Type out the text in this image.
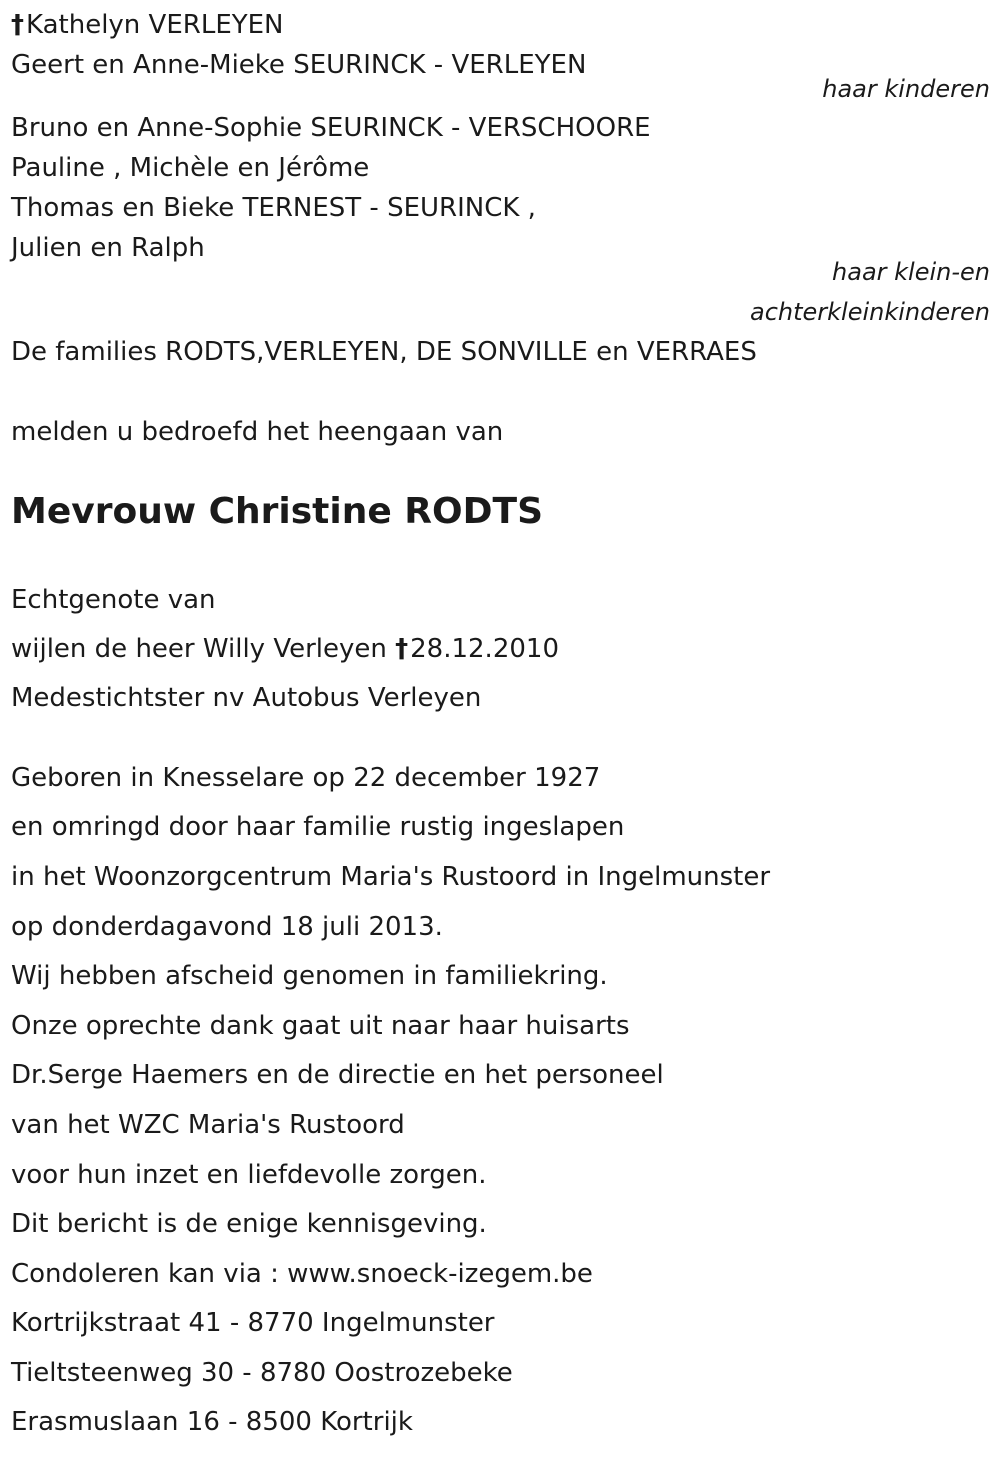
†Kathelyn VERLEYEN
Geert en Anne-Mieke SEURINCK - VERLEYEN
haar kinderen
Bruno en Anne-Sophie SEURINCK - VERSCHOORE
Pauline , Michèle en Jérôme
Thomas en Bieke TERNEST - SEURINCK ,
Julien en Ralph
haar klein-en
achterkleinkinderen
De families RODTS,VERLEYEN, DE SONVILLE en VERRAES
melden u bedroefd het heengaan van
Mevrouw Christine RODTS
Echtgenote van
wijlen de heer Willy Verleyen †28.12.2010
Medestichtster nv Autobus Verleyen
Geboren in Knesselare op 22 december 1927
en omringd door haar familie rustig ingeslapen
in het Woonzorgcentrum Maria's Rustoord in Ingelmunster
op donderdagavond 18 juli 2013.
Wij hebben afscheid genomen in familiekring.
Onze oprechte dank gaat uit naar haar huisarts
Dr.Serge Haemers en de directie en het personeel
van het WZC Maria's Rustoord
voor hun inzet en liefdevolle zorgen.
Dit bericht is de enige kennisgeving.
Condoleren kan via : www.snoeck-izegem.be
Kortrijkstraat 41 - 8770 Ingelmunster
Tieltsteenweg 30 - 8780 Oostrozebeke
Erasmuslaan 16 - 8500 Kortrijk
